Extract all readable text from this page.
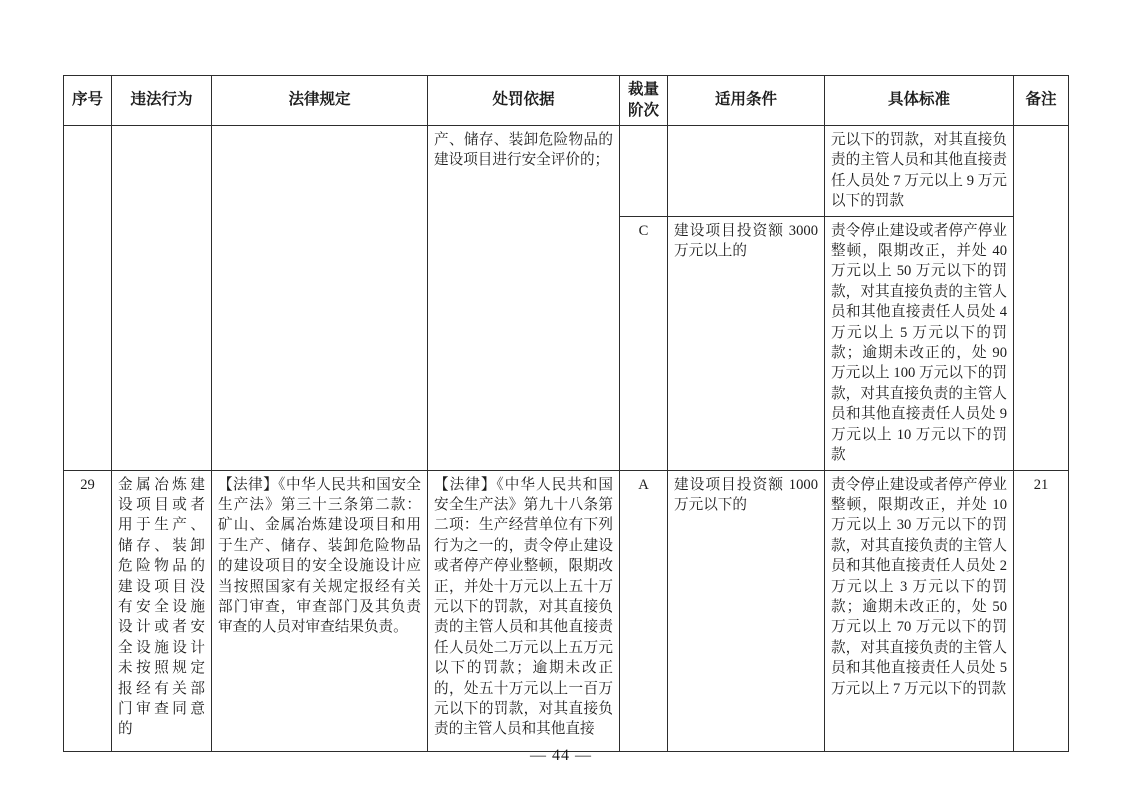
序号	违法行为	法律规定	处罚依据	裁量阶次	适用条件	具体标准	备注
			产、储存、装卸危险物品的建设项目进行安全评价的；			元以下的罚款，对其直接负责的主管人员和其他直接责任人员处 7 万元以上 9 万元以下的罚款	
				C	建设项目投资额 3000 万元以上的	责令停止建设或者停产停业整顿，限期改正，并处 40 万元以上 50 万元以下的罚款，对其直接负责的主管人员和其他直接责任人员处 4 万元以上 5 万元以下的罚款；逾期未改正的，处 90 万元以上 100 万元以下的罚款，对其直接负责的主管人员和其他直接责任人员处 9 万元以上 10 万元以下的罚款	
29	金属冶炼建设项目或者用于生产、储存、装卸危险物品的建设项目没有安全设施设计或者安全设施设计未按照规定报经有关部门审查同意的	【法律】《中华人民共和国安全生产法》第三十三条第二款：矿山、金属冶炼建设项目和用于生产、储存、装卸危险物品的建设项目的安全设施设计应当按照国家有关规定报经有关部门审查，审查部门及其负责审查的人员对审查结果负责。	【法律】《中华人民共和国安全生产法》第九十八条第二项：生产经营单位有下列行为之一的，责令停止建设或者停产停业整顿，限期改正，并处十万元以上五十万元以下的罚款，对其直接负责的主管人员和其他直接责任人员处二万元以上五万元以下的罚款；逾期未改正的，处五十万元以上一百万元以下的罚款，对其直接负责的主管人员和其他直接	A	建设项目投资额 1000 万元以下的	责令停止建设或者停产停业整顿，限期改正，并处 10 万元以上 30 万元以下的罚款，对其直接负责的主管人员和其他直接责任人员处 2 万元以上 3 万元以下的罚款；逾期未改正的，处 50 万元以上 70 万元以下的罚款，对其直接负责的主管人员和其他直接责任人员处 5 万元以上 7 万元以下的罚款	21
— 44 —
